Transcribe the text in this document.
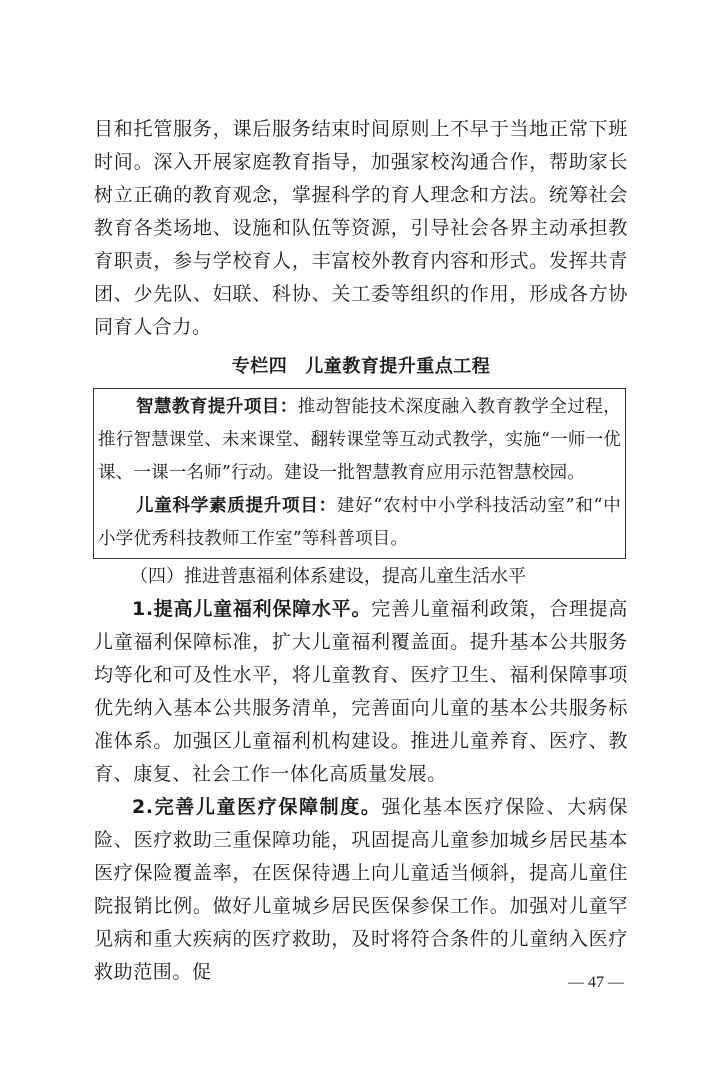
目和托管服务，课后服务结束时间原则上不早于当地正常下班时间。深入开展家庭教育指导，加强家校沟通合作，帮助家长树立正确的教育观念，掌握科学的育人理念和方法。统筹社会教育各类场地、设施和队伍等资源，引导社会各界主动承担教育职责，参与学校育人，丰富校外教育内容和形式。发挥共青团、少先队、妇联、科协、关工委等组织的作用，形成各方协同育人合力。

专栏四 儿童教育提升重点工程

智慧教育提升项目：推动智能技术深度融入教育教学全过程，推行智慧课堂、未来课堂、翻转课堂等互动式教学，实施“一师一优课、一课一名师”行动。建设一批智慧教育应用示范智慧校园。

儿童科学素质提升项目：建好“农村中小学科技活动室”和“中小学优秀科技教师工作室”等科普项目。

（四）推进普惠福利体系建设，提高儿童生活水平

1.提高儿童福利保障水平。完善儿童福利政策，合理提高儿童福利保障标准，扩大儿童福利覆盖面。提升基本公共服务均等化和可及性水平，将儿童教育、医疗卫生、福利保障事项优先纳入基本公共服务清单，完善面向儿童的基本公共服务标准体系。加强区儿童福利机构建设。推进儿童养育、医疗、教育、康复、社会工作一体化高质量发展。

2.完善儿童医疗保障制度。强化基本医疗保险、大病保险、医疗救助三重保障功能，巩固提高儿童参加城乡居民基本医疗保险覆盖率，在医保待遇上向儿童适当倾斜，提高儿童住院报销比例。做好儿童城乡居民医保参保工作。加强对儿童罕见病和重大疾病的医疗救助，及时将符合条件的儿童纳入医疗救助范围。促	— 47 —
